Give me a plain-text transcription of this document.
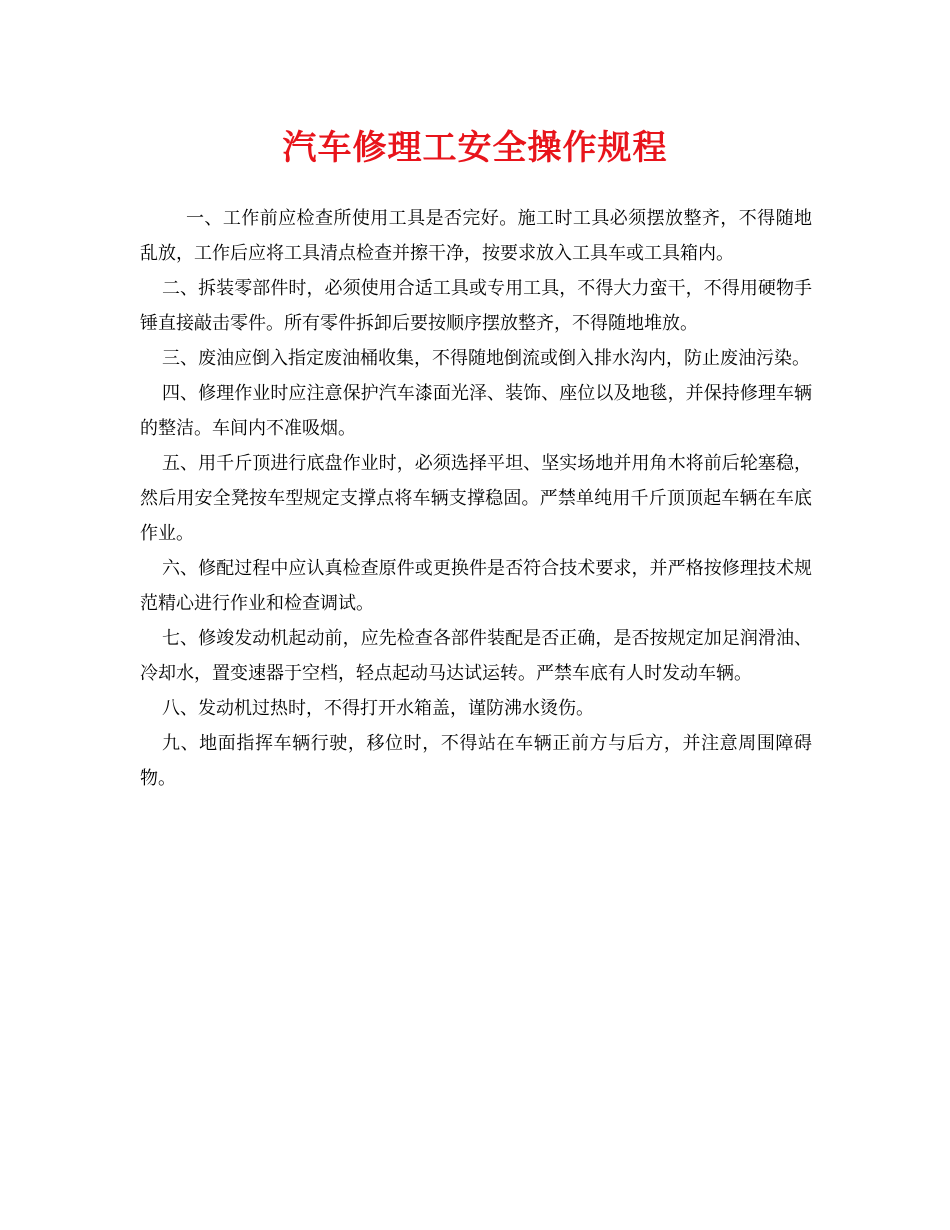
汽车修理工安全操作规程

一、工作前应检查所使用工具是否完好。施工时工具必须摆放整齐，不得随地乱放，工作后应将工具清点检查并擦干净，按要求放入工具车或工具箱内。

二、拆装零部件时，必须使用合适工具或专用工具，不得大力蛮干，不得用硬物手锤直接敲击零件。所有零件拆卸后要按顺序摆放整齐，不得随地堆放。

三、废油应倒入指定废油桶收集，不得随地倒流或倒入排水沟内，防止废油污染。

四、修理作业时应注意保护汽车漆面光泽、装饰、座位以及地毯，并保持修理车辆的整洁。车间内不准吸烟。

五、用千斤顶进行底盘作业时，必须选择平坦、坚实场地并用角木将前后轮塞稳，然后用安全凳按车型规定支撑点将车辆支撑稳固。严禁单纯用千斤顶顶起车辆在车底作业。

六、修配过程中应认真检查原件或更换件是否符合技术要求，并严格按修理技术规范精心进行作业和检查调试。

七、修竣发动机起动前，应先检查各部件装配是否正确，是否按规定加足润滑油、冷却水，置变速器于空档，轻点起动马达试运转。严禁车底有人时发动车辆。

八、发动机过热时，不得打开水箱盖，谨防沸水烫伤。

九、地面指挥车辆行驶，移位时，不得站在车辆正前方与后方，并注意周围障碍物。
